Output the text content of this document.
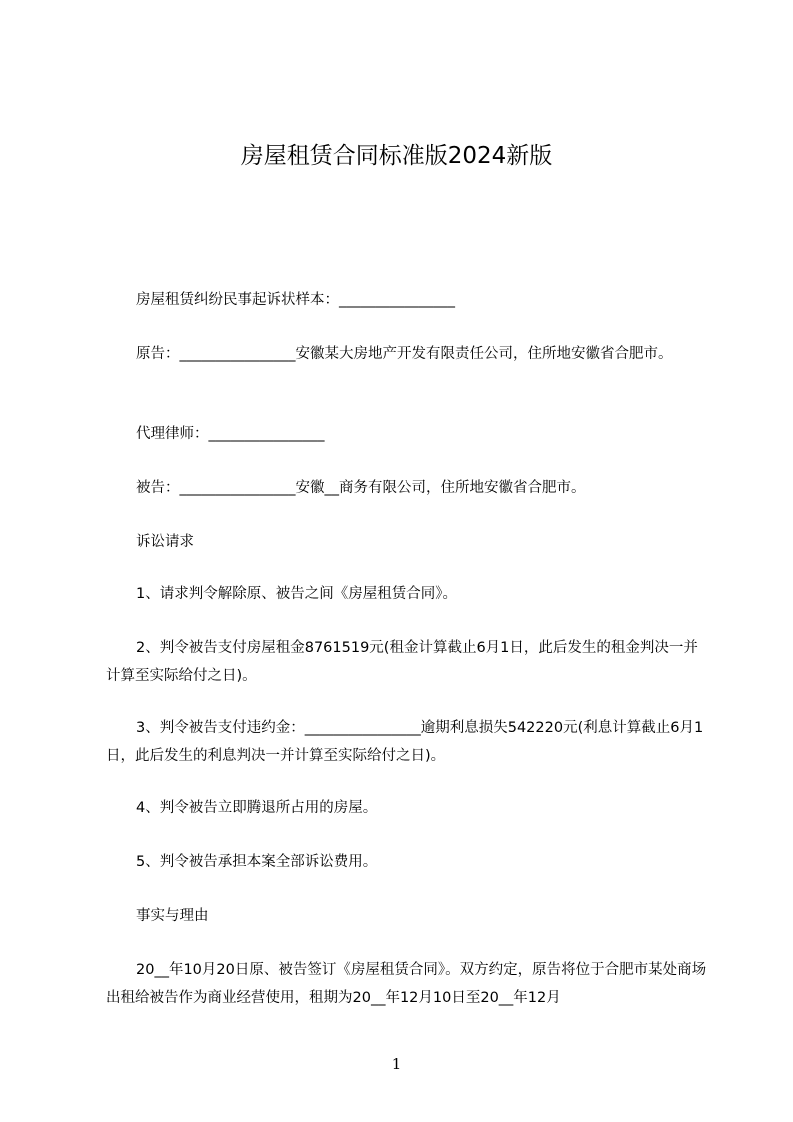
房屋租赁合同标准版2024新版
房屋租赁纠纷民事起诉状样本：________________
原告：________________安徽某大房地产开发有限责任公司，住所地安徽省合肥市。
代理律师：________________
被告：________________安徽__商务有限公司，住所地安徽省合肥市。
诉讼请求
1、请求判令解除原、被告之间《房屋租赁合同》。
2、判令被告支付房屋租金8761519元(租金计算截止6月1日，此后发生的租金判决一并计算至实际给付之日)。
3、判令被告支付违约金：________________逾期利息损失542220元(利息计算截止6月1日，此后发生的利息判决一并计算至实际给付之日)。
4、判令被告立即腾退所占用的房屋。
5、判令被告承担本案全部诉讼费用。
事实与理由
20__年10月20日原、被告签订《房屋租赁合同》。双方约定，原告将位于合肥市某处商场出租给被告作为商业经营使用，租期为20__年12月10日至20__年12月
1
